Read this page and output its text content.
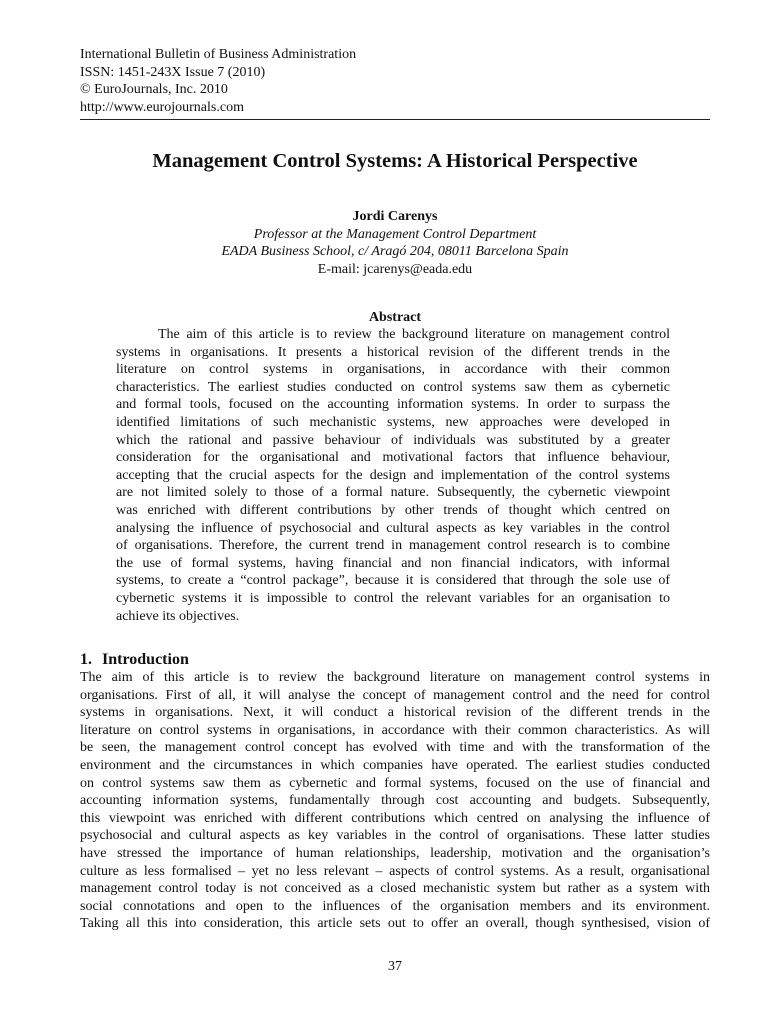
International Bulletin of Business Administration
ISSN: 1451-243X Issue 7 (2010)
© EuroJournals, Inc. 2010
http://www.eurojournals.com
Management Control Systems: A Historical Perspective
Jordi Carenys
Professor at the Management Control Department
EADA Business School, c/ Aragó 204, 08011 Barcelona Spain
E-mail: jcarenys@eada.edu
Abstract
The aim of this article is to review the background literature on management control
systems in organisations. It presents a historical revision of the different trends in the
literature on control systems in organisations, in accordance with their common
characteristics. The earliest studies conducted on control systems saw them as cybernetic
and formal tools, focused on the accounting information systems. In order to surpass the
identified limitations of such mechanistic systems, new approaches were developed in
which the rational and passive behaviour of individuals was substituted by a greater
consideration for the organisational and motivational factors that influence behaviour,
accepting that the crucial aspects for the design and implementation of the control systems
are not limited solely to those of a formal nature. Subsequently, the cybernetic viewpoint
was enriched with different contributions by other trends of thought which centred on
analysing the influence of psychosocial and cultural aspects as key variables in the control
of organisations. Therefore, the current trend in management control research is to combine
the use of formal systems, having financial and non financial indicators, with informal
systems, to create a “control package”, because it is considered that through the sole use of
cybernetic systems it is impossible to control the relevant variables for an organisation to
achieve its objectives.
1. Introduction
The aim of this article is to review the background literature on management control systems in
organisations. First of all, it will analyse the concept of management control and the need for control
systems in organisations. Next, it will conduct a historical revision of the different trends in the
literature on control systems in organisations, in accordance with their common characteristics. As will
be seen, the management control concept has evolved with time and with the transformation of the
environment and the circumstances in which companies have operated. The earliest studies conducted
on control systems saw them as cybernetic and formal systems, focused on the use of financial and
accounting information systems, fundamentally through cost accounting and budgets. Subsequently,
this viewpoint was enriched with different contributions which centred on analysing the influence of
psychosocial and cultural aspects as key variables in the control of organisations. These latter studies
have stressed the importance of human relationships, leadership, motivation and the organisation’s
culture as less formalised – yet no less relevant – aspects of control systems. As a result, organisational
management control today is not conceived as a closed mechanistic system but rather as a system with
social connotations and open to the influences of the organisation members and its environment.
Taking all this into consideration, this article sets out to offer an overall, though synthesised, vision of
37
